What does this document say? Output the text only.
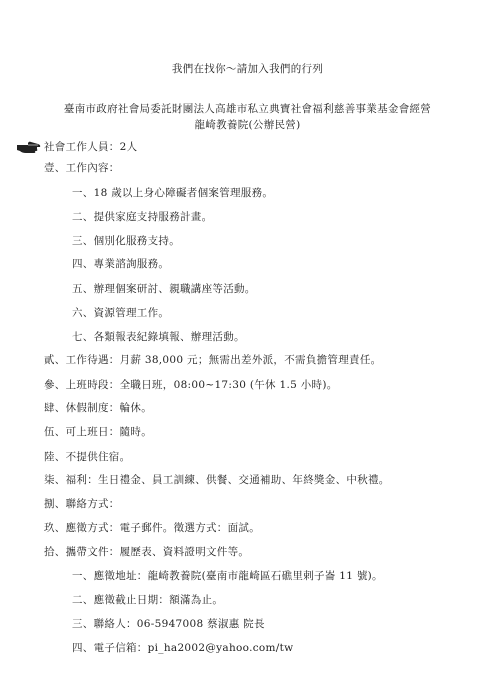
我們在找你～請加入我們的行列
臺南市政府社會局委託財團法人高雄市私立典寶社會福利慈善事業基金會經營
龍崎教養院(公辦民營)
社會工作人員：2人
壹、工作內容：
一、18 歲以上身心障礙者個案管理服務。
二、提供家庭支持服務計畫。
三、個別化服務支持。
四、專業諮詢服務。
五、辦理個案研討、親職講座等活動。
六、資源管理工作。
七、各類報表紀錄填報、辦理活動。
貳、工作待遇：月薪 38,000 元；無需出差外派，不需負擔管理責任。
參、上班時段：全職日班，08:00~17:30 (午休 1.5 小時)。
肆、休假制度：輪休。
伍、可上班日：隨時。
陸、不提供住宿。
柒、福利：生日禮金、員工訓練、供餐、交通補助、年終獎金、中秋禮。
捌、聯絡方式：
玖、應徵方式：電子郵件。徵選方式：面試。
拾、攜帶文件：履歷表、資料證明文件等。
一、應徵地址：龍崎教養院(臺南市龍崎區石礁里剌子崙 11 號)。
二、應徵截止日期：額滿為止。
三、聯絡人：06-5947008 蔡淑惠 院長
四、電子信箱：pi_ha2002@yahoo.com/tw
